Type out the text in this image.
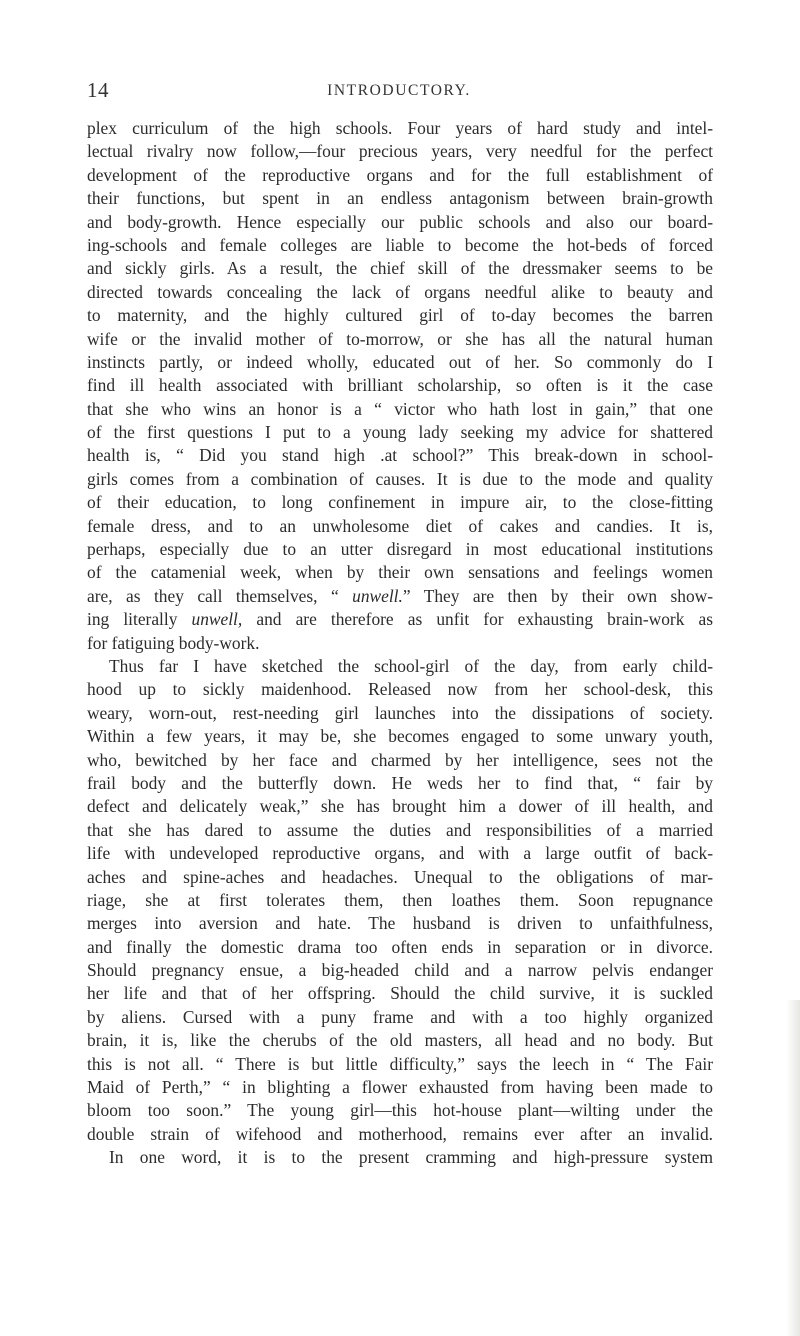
14	INTRODUCTORY.
plex curriculum of the high schools. Four years of hard study and intel-
lectual rivalry now follow,—four precious years, very needful for the perfect
development of the reproductive organs and for the full establishment of
their functions, but spent in an endless antagonism between brain-growth
and body-growth. Hence especially our public schools and also our board-
ing-schools and female colleges are liable to become the hot-beds of forced
and sickly girls. As a result, the chief skill of the dressmaker seems to be
directed towards concealing the lack of organs needful alike to beauty and
to maternity, and the highly cultured girl of to-day becomes the barren
wife or the invalid mother of to-morrow, or she has all the natural human
instincts partly, or indeed wholly, educated out of her. So commonly do I
find ill health associated with brilliant scholarship, so often is it the case
that she who wins an honor is a “ victor who hath lost in gain,” that one
of the first questions I put to a young lady seeking my advice for shattered
health is, “ Did you stand high .at school?” This break-down in school-
girls comes from a combination of causes. It is due to the mode and quality
of their education, to long confinement in impure air, to the close-fitting
female dress, and to an unwholesome diet of cakes and candies. It is,
perhaps, especially due to an utter disregard in most educational institutions
of the catamenial week, when by their own sensations and feelings women
are, as they call themselves, “ unwell.” They are then by their own show-
ing literally unwell, and are therefore as unfit for exhausting brain-work as
for fatiguing body-work.
Thus far I have sketched the school-girl of the day, from early child-
hood up to sickly maidenhood. Released now from her school-desk, this
weary, worn-out, rest-needing girl launches into the dissipations of society.
Within a few years, it may be, she becomes engaged to some unwary youth,
who, bewitched by her face and charmed by her intelligence, sees not the
frail body and the butterfly down. He weds her to find that, “ fair by
defect and delicately weak,” she has brought him a dower of ill health, and
that she has dared to assume the duties and responsibilities of a married
life with undeveloped reproductive organs, and with a large outfit of back-
aches and spine-aches and headaches. Unequal to the obligations of mar-
riage, she at first tolerates them, then loathes them. Soon repugnance
merges into aversion and hate. The husband is driven to unfaithfulness,
and finally the domestic drama too often ends in separation or in divorce.
Should pregnancy ensue, a big-headed child and a narrow pelvis endanger
her life and that of her offspring. Should the child survive, it is suckled
by aliens. Cursed with a puny frame and with a too highly organized
brain, it is, like the cherubs of the old masters, all head and no body. But
this is not all. “ There is but little difficulty,” says the leech in “ The Fair
Maid of Perth,” “ in blighting a flower exhausted from having been made to
bloom too soon.” The young girl—this hot-house plant—wilting under the
double strain of wifehood and motherhood, remains ever after an invalid.
In one word, it is to the present cramming and high-pressure system
